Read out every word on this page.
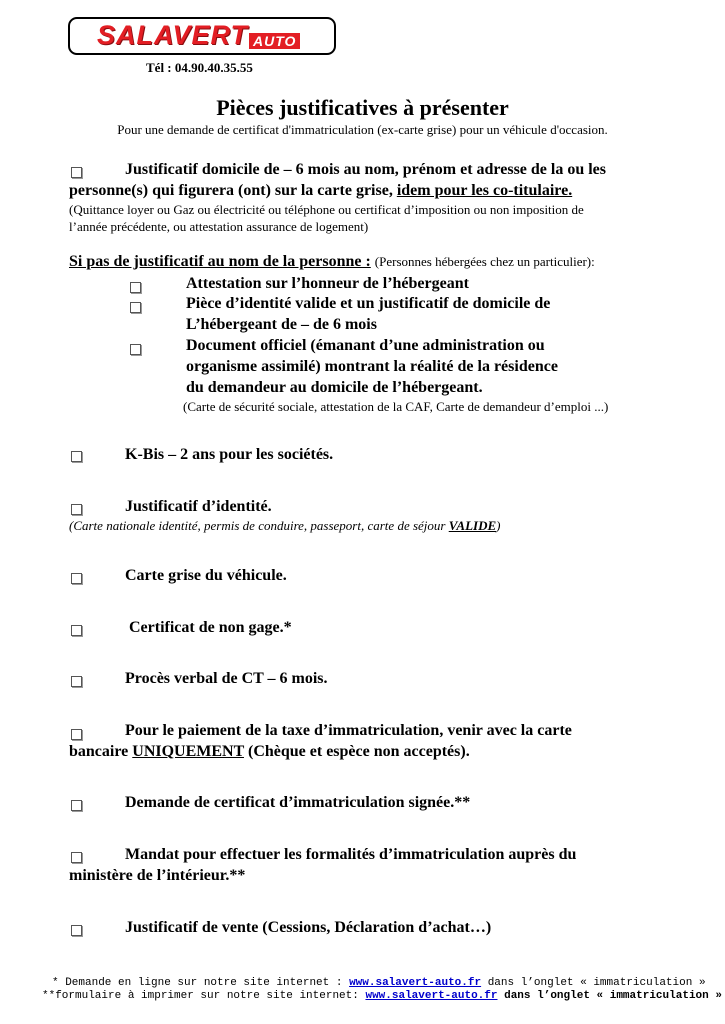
SALAVERT AUTO
Tél : 04.90.40.35.55
Pièces justificatives à présenter
Pour une demande de certificat d'immatriculation (ex-carte grise) pour un véhicule d'occasion.
Justificatif domicile de – 6 mois au nom, prénom et adresse de la ou les
personne(s) qui figurera (ont) sur la carte grise, idem pour les co-titulaire.
(Quittance loyer ou Gaz ou électricité ou téléphone ou certificat d’imposition ou non imposition de
l’année précédente, ou attestation assurance de logement)
Si pas de justificatif au nom de la personne : (Personnes hébergées chez un particulier):
Attestation sur l’honneur de l’hébergeant
Pièce d’identité valide et un justificatif de domicile de
L’hébergeant de – de 6 mois
Document officiel (émanant d’une administration ou
organisme assimilé) montrant la réalité de la résidence
du demandeur au domicile de l’hébergeant.
(Carte de sécurité sociale, attestation de la CAF, Carte de demandeur d’emploi ...)
K-Bis – 2 ans pour les sociétés.
Justificatif d’identité.
(Carte nationale identité, permis de conduire, passeport, carte de séjour VALIDE)
Carte grise du véhicule.
Certificat de non gage.*
Procès verbal de CT – 6 mois.
Pour le paiement de la taxe d’immatriculation, venir avec la carte
bancaire UNIQUEMENT (Chèque et espèce non acceptés).
Demande de certificat d’immatriculation signée.**
Mandat pour effectuer les formalités d’immatriculation auprès du
ministère de l’intérieur.**
Justificatif de vente (Cessions, Déclaration d’achat…)
* Demande en ligne sur notre site internet : www.salavert-auto.fr dans l’onglet « immatriculation »
**formulaire à imprimer sur notre site internet: www.salavert-auto.fr dans l’onglet « immatriculation »
